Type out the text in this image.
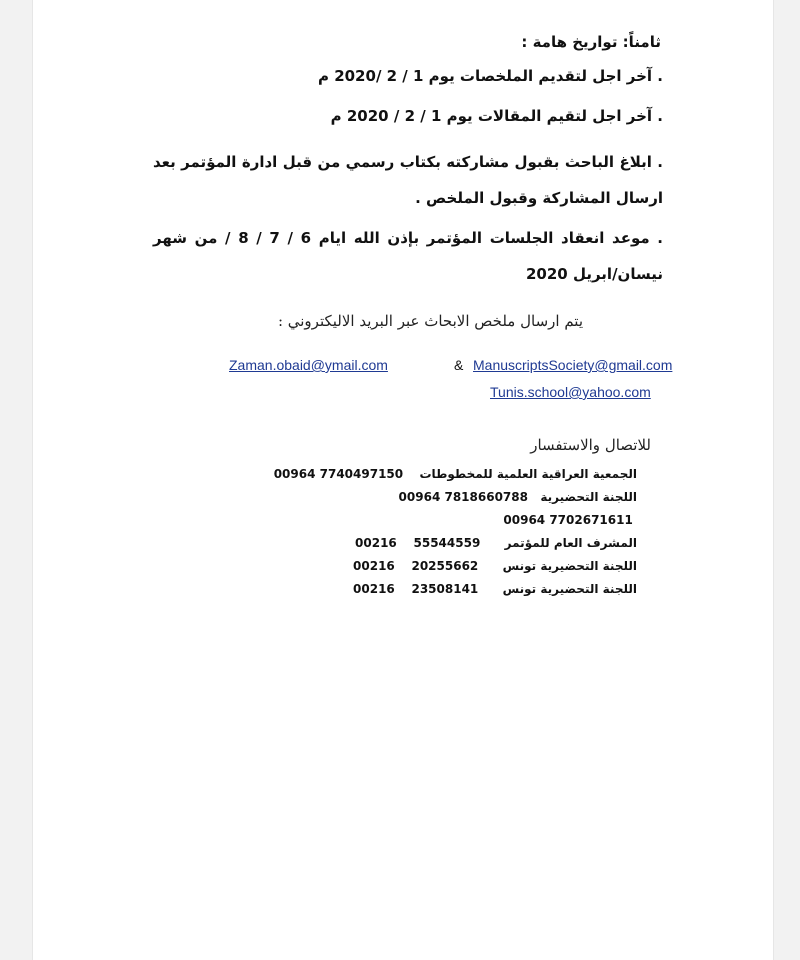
ثامناً: تواريخ هامة :
. آخر اجل لتقديم الملخصات يوم 1 / 2 /2020 م
. آخر اجل لتقيم المقالات يوم 1 / 2 / 2020 م
. ابلاغ الباحث بقبول مشاركته بكتاب رسمي من قبل ادارة المؤتمر بعد ارسال المشاركة وقبول الملخص .
. موعد انعقاد الجلسات المؤتمر بإذن الله ايام 6 / 7 / 8 / من شهر نيسان/ابريل 2020
يتم ارسال ملخص الابحاث عبر البريد الاليكتروني :
Zaman.obaid@ymail.com	& ManuscriptsSociety@gmail.com
Tunis.school@yahoo.com
للاتصال والاستفسار
00964 7740497150 الجمعية العراقية العلمية للمخطوطات
00964 7818660788 اللجنة التحضيرية
00964 7702671611
00216    55544559 المشرف العام للمؤتمر
00216    20255662 اللجنة التحضيرية تونس
00216    23508141 اللجنة التحضيرية تونس
